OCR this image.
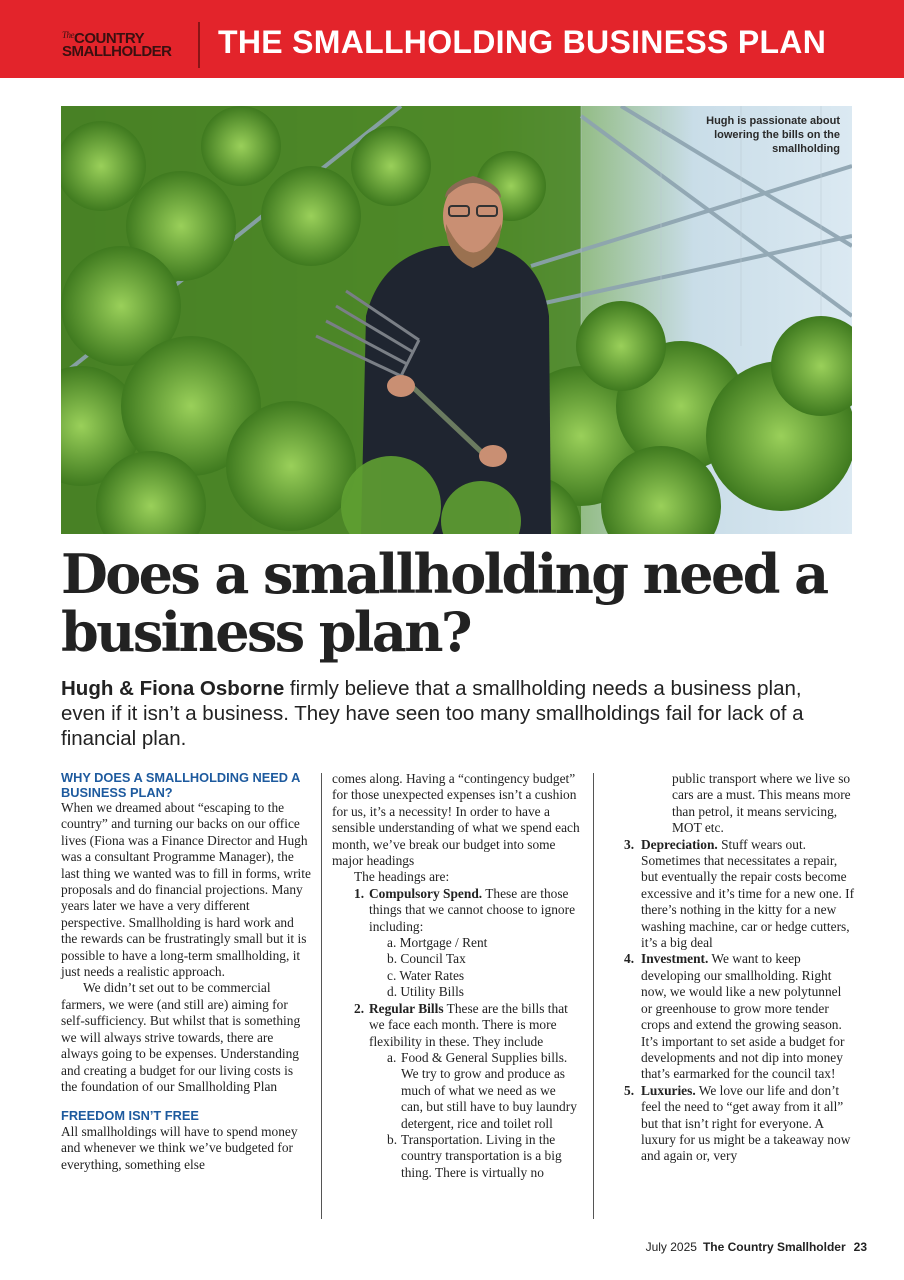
The COUNTRY
SMALLHOLDER	THE SMALLHOLDING BUSINESS PLAN
Hugh is passionate about lowering the bills on the smallholding
Does a smallholding need a business plan?

Hugh & Fiona Osborne firmly believe that a smallholding needs a business plan, even if it isn’t a business. They have seen too many smallholdings fail for lack of a financial plan.

WHY DOES A SMALLHOLDING NEED A BUSINESS PLAN?

When we dreamed about “escaping to the country” and turning our backs on our office lives (Fiona was a Finance Director and Hugh was a consultant Programme Manager), the last thing we wanted was to fill in forms, write proposals and do financial projections. Many years later we have a very different perspective. Smallholding is hard work and the rewards can be frustratingly small but it is possible to have a long-term smallholding, it just needs a realistic approach.

We didn’t set out to be commercial farmers, we were (and still are) aiming for self-sufficiency. But whilst that is something we will always strive towards, there are always going to be expenses. Understanding and creating a budget for our living costs is the foundation of our Smallholding Plan

FREEDOM ISN’T FREE

All smallholdings will have to spend money and whenever we think we’ve budgeted for everything, something else

comes along. Having a “contingency budget” for those unexpected expenses isn’t a cushion for us, it’s a necessity! In order to have a sensible understanding of what we spend each month, we’ve break our budget into some major headings

The headings are:

1. Compulsory Spend. These are those things that we cannot choose to ignore including:
a. Mortgage / Rent
b. Council Tax
c. Water Rates
d. Utility Bills
2. Regular Bills These are the bills that we face each month. There is more flexibility in these. They include
a. Food & General Supplies bills. We try to grow and produce as much of what we need as we can, but still have to buy laundry detergent, rice and toilet roll
b. Transportation. Living in the country transportation is a big thing. There is virtually no

public transport where we live so cars are a must. This means more than petrol, it means servicing, MOT etc.

3. Depreciation. Stuff wears out. Sometimes that necessitates a repair, but eventually the repair costs become excessive and it’s time for a new one. If there’s nothing in the kitty for a new washing machine, car or hedge cutters, it’s a big deal
4. Investment. We want to keep developing our smallholding. Right now, we would like a new polytunnel or greenhouse to grow more tender crops and extend the growing season. It’s important to set aside a budget for developments and not dip into money that’s earmarked for the council tax!
5. Luxuries. We love our life and don’t feel the need to “get away from it all” but that isn’t right for everyone. A luxury for us might be a takeaway now and again or, very
July 2025 The Country Smallholder 23
